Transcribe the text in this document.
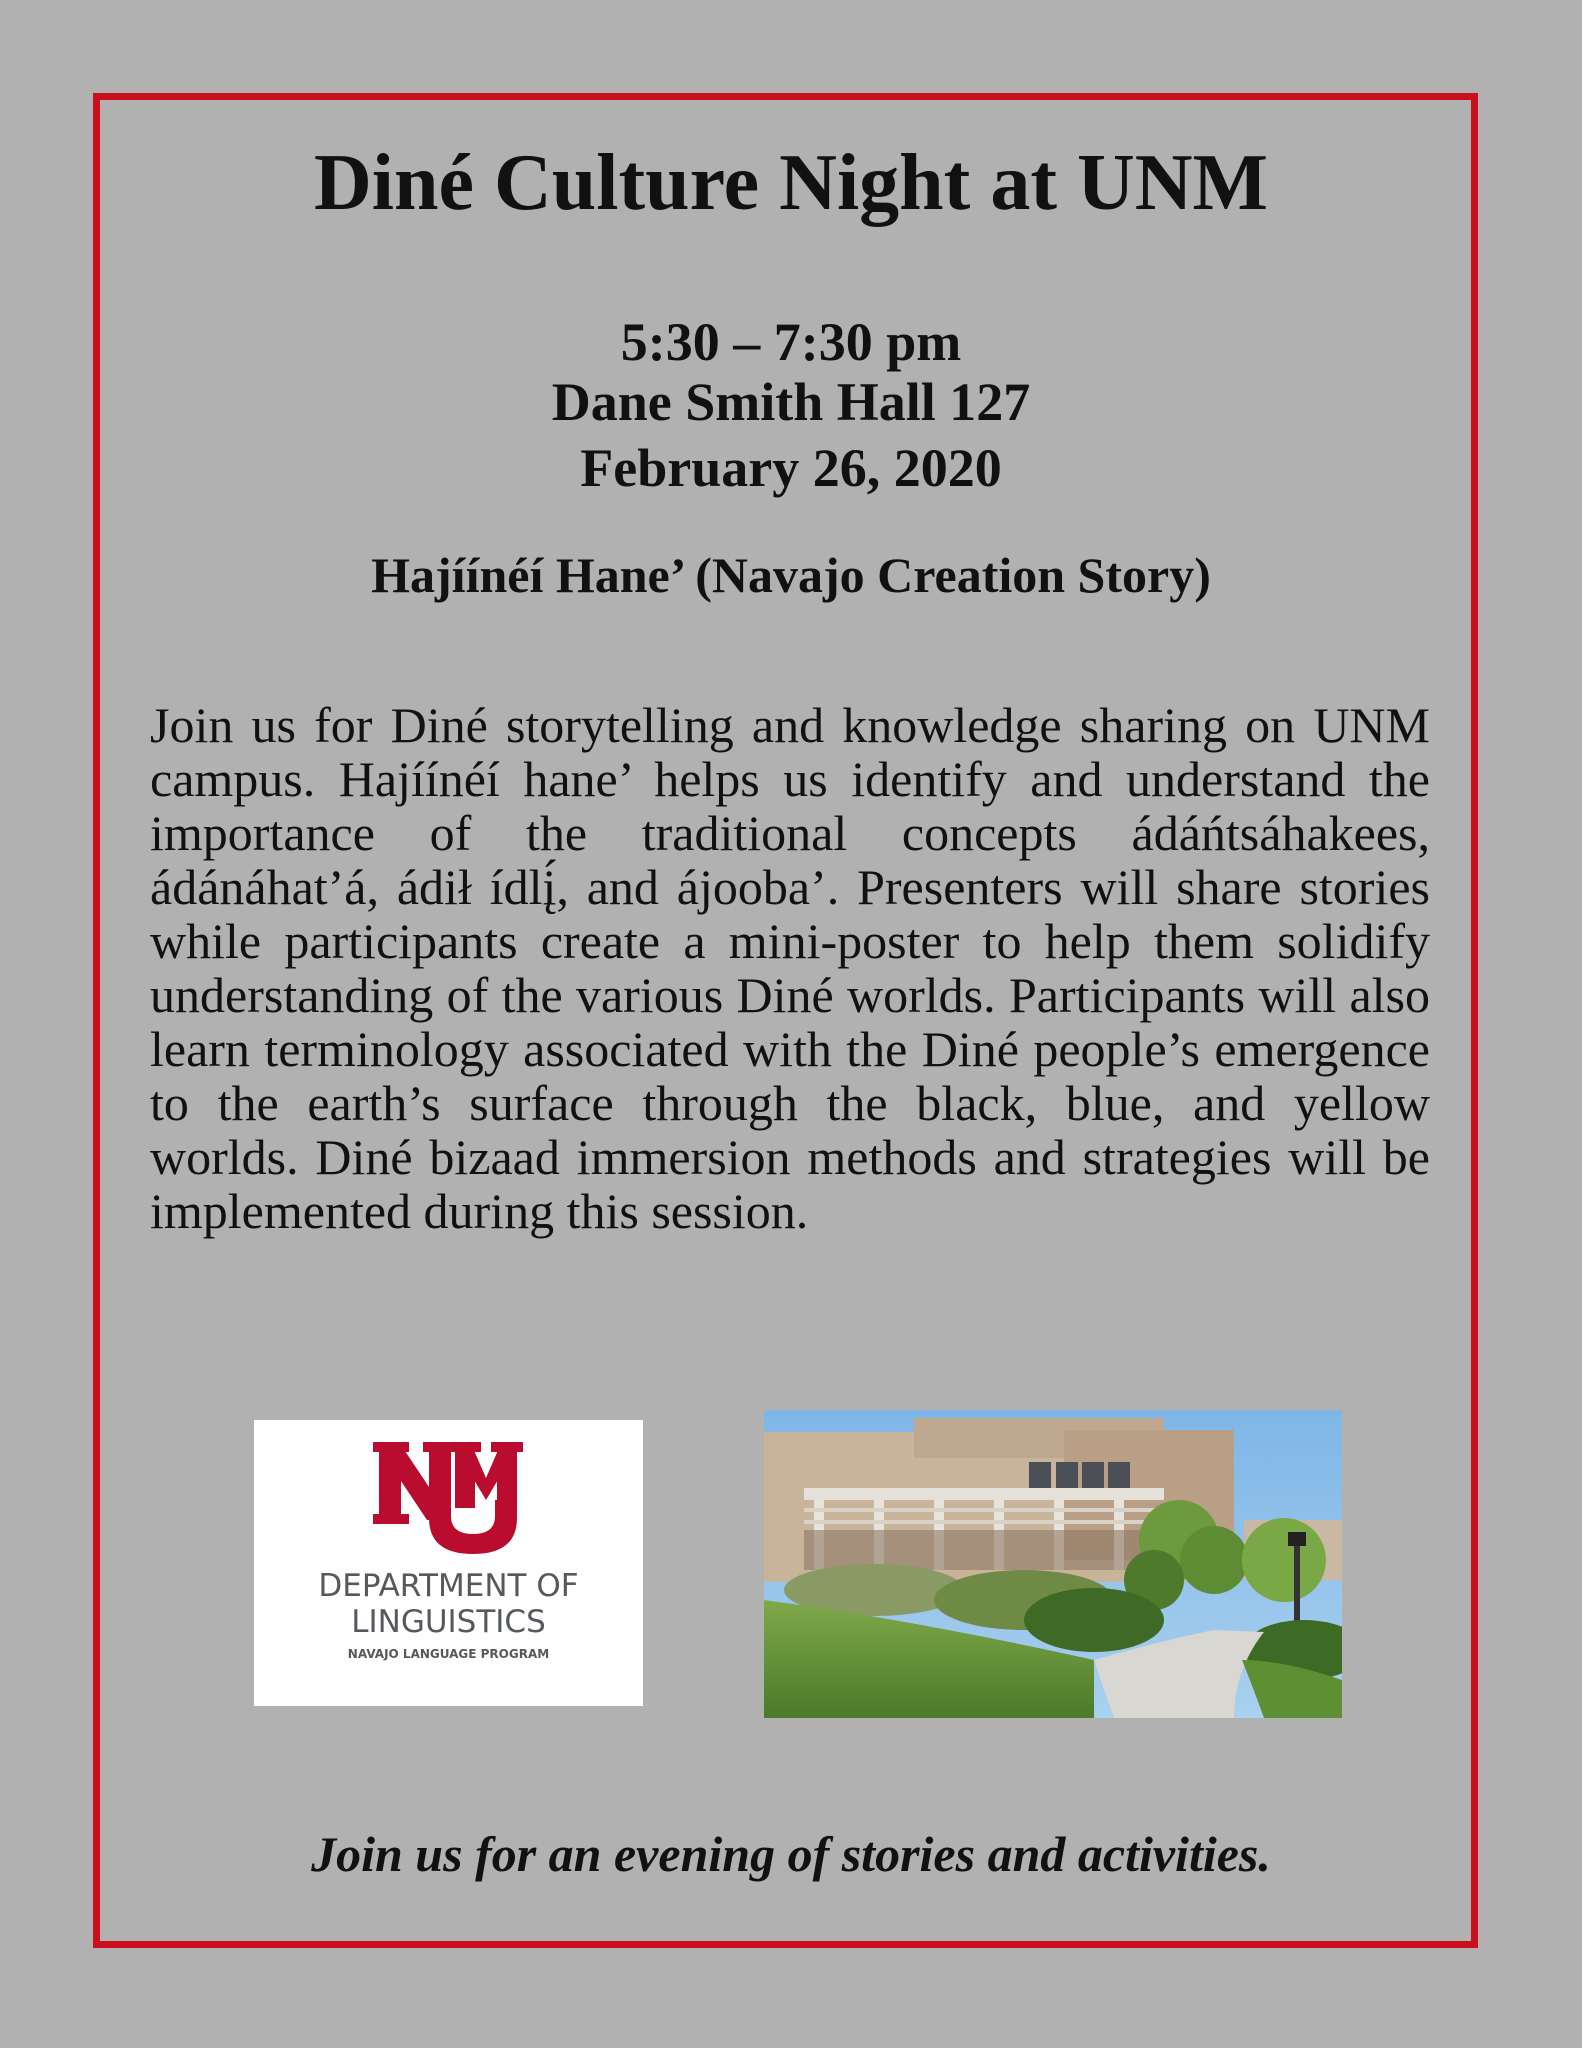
Diné Culture Night at UNM
5:30 – 7:30 pm
Dane Smith Hall 127
February 26, 2020
Hajíínéí Hane’ (Navajo Creation Story)

Join us for Diné storytelling and knowledge sharing on UNM campus. Hajíínéí hane’ helps us identify and understand the importance of the traditional concepts ádáńtsáhakees, ádánáhat’á, ádił ídlį́, and ájooba’. Presenters will share stories while participants create a mini-poster to help them solidify understanding of the various Diné worlds. Participants will also learn terminology associated with the Diné people’s emergence to the earth’s surface through the black, blue, and yellow worlds. Diné bizaad immersion methods and strategies will be implemented during this session.

DEPARTMENT OF
LINGUISTICS
NAVAJO LANGUAGE PROGRAM
Join us for an evening of stories and activities.
